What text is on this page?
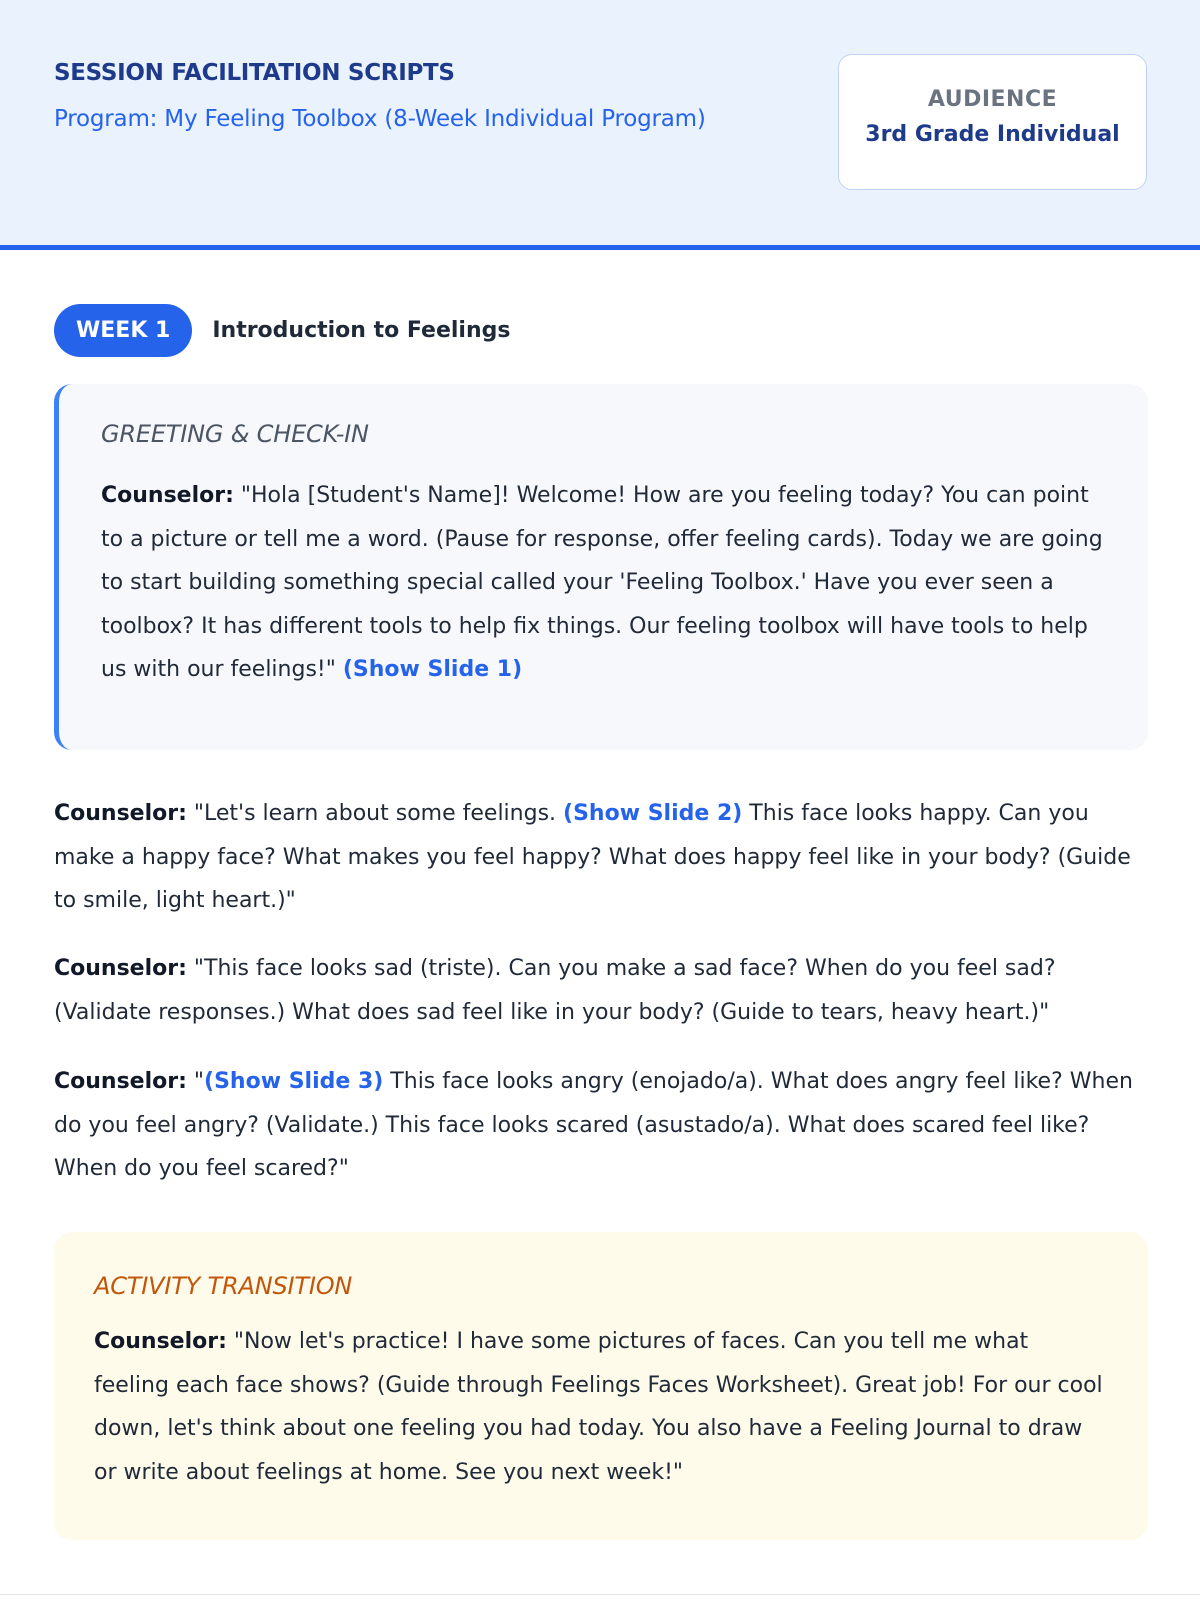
SESSION FACILITATION SCRIPTS
Program: My Feeling Toolbox (8-Week Individual Program)
AUDIENCE
3rd Grade Individual
WEEK 1	Introduction to Feelings
GREETING & CHECK-IN
Counselor: "Hola [Student's Name]! Welcome! How are you feeling today? You can point to a picture or tell me a word. (Pause for response, offer feeling cards). Today we are going to start building something special called your 'Feeling Toolbox.' Have you ever seen a toolbox? It has different tools to help fix things. Our feeling toolbox will have tools to help us with our feelings!" (Show Slide 1)
Counselor: "Let's learn about some feelings. (Show Slide 2) This face looks happy. Can you make a happy face? What makes you feel happy? What does happy feel like in your body? (Guide to smile, light heart.)"
Counselor: "This face looks sad (triste). Can you make a sad face? When do you feel sad? (Validate responses.) What does sad feel like in your body? (Guide to tears, heavy heart.)"
Counselor: "(Show Slide 3) This face looks angry (enojado/a). What does angry feel like? When do you feel angry? (Validate.) This face looks scared (asustado/a). What does scared feel like? When do you feel scared?"
ACTIVITY TRANSITION
Counselor: "Now let's practice! I have some pictures of faces. Can you tell me what feeling each face shows? (Guide through Feelings Faces Worksheet). Great job! For our cool down, let's think about one feeling you had today. You also have a Feeling Journal to draw or write about feelings at home. See you next week!"
